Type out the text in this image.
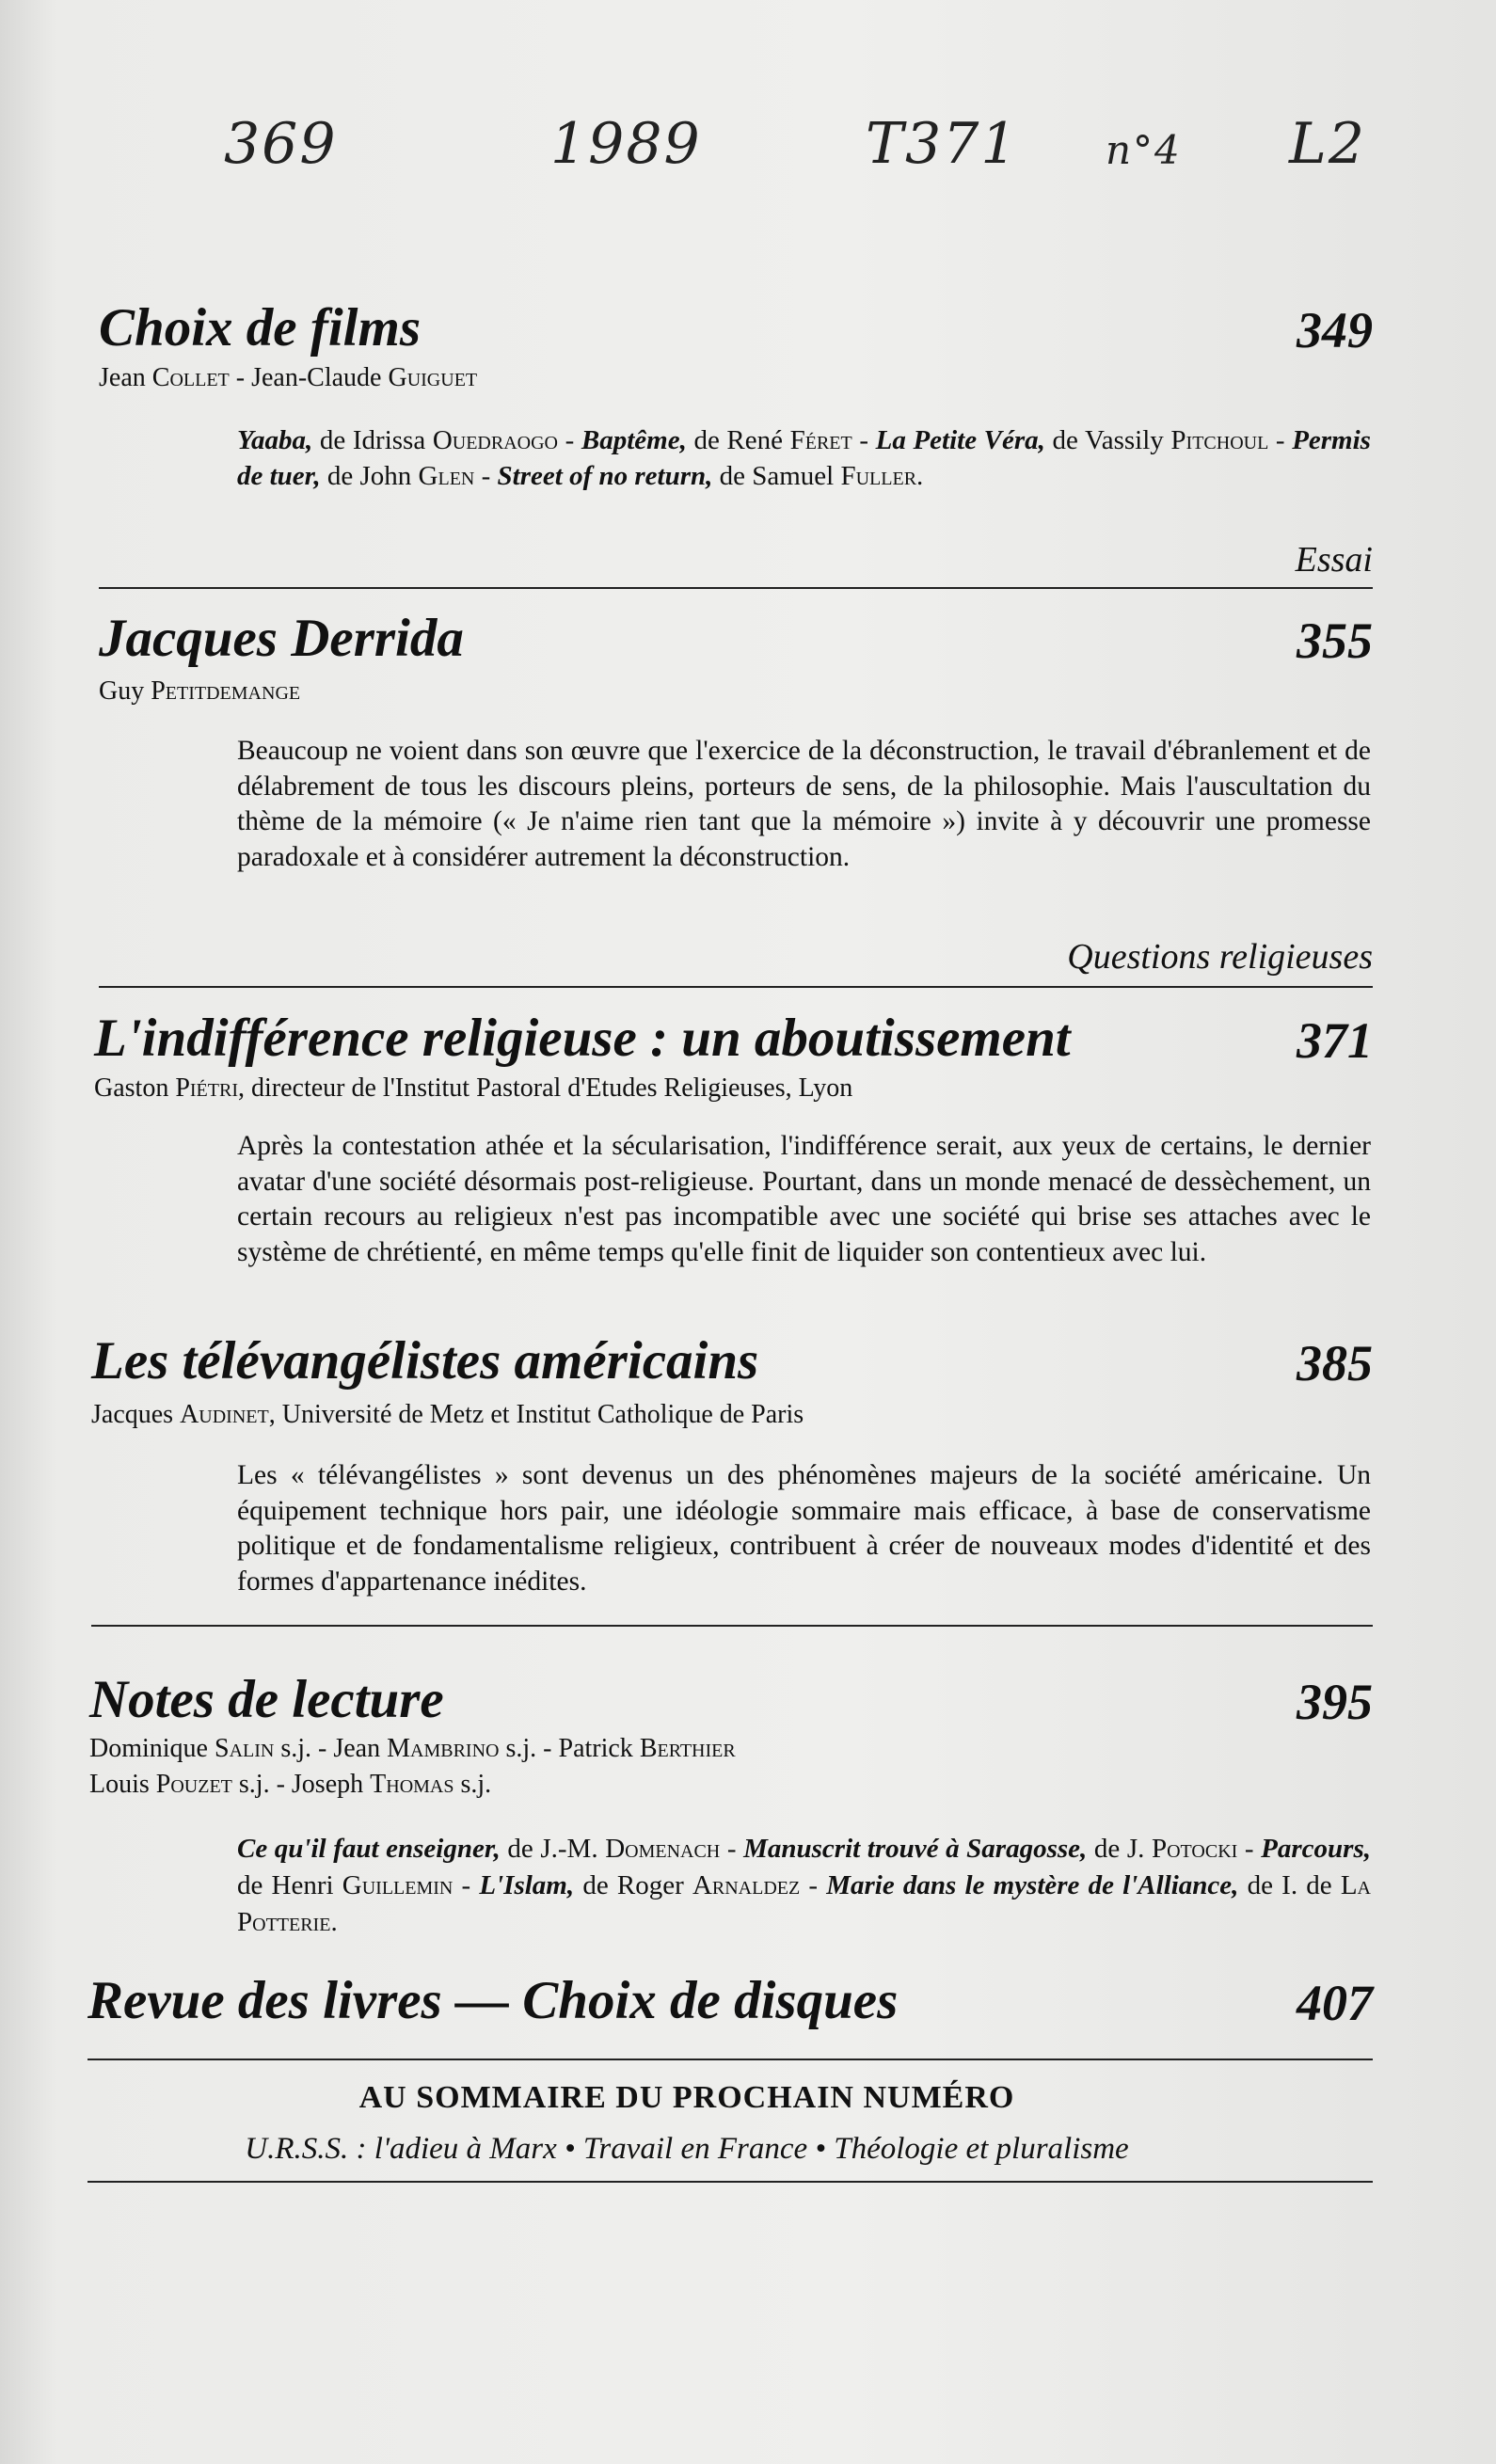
369	1989	T371 n°4 L2
Choix de films	349
Jean Collet - Jean-Claude Guiguet
Yaaba, de Idrissa Ouedraogo - Baptême, de René Féret - La Petite Véra, de Vassily Pitchoul - Permis de tuer, de John Glen - Street of no return, de Samuel Fuller.
Essai
Jacques Derrida	355
Guy Petitdemange
Beaucoup ne voient dans son œuvre que l'exercice de la déconstruction, le travail d'ébranlement et de délabrement de tous les discours pleins, porteurs de sens, de la philosophie. Mais l'auscultation du thème de la mémoire (« Je n'aime rien tant que la mémoire ») invite à y découvrir une promesse paradoxale et à considérer autrement la déconstruction.
Questions religieuses
L'indifférence religieuse : un aboutissement	371
Gaston Piétri, directeur de l'Institut Pastoral d'Etudes Religieuses, Lyon
Après la contestation athée et la sécularisation, l'indifférence serait, aux yeux de certains, le dernier avatar d'une société désormais post-religieuse. Pourtant, dans un monde menacé de dessèchement, un certain recours au religieux n'est pas incompatible avec une société qui brise ses attaches avec le système de chrétienté, en même temps qu'elle finit de liquider son contentieux avec lui.
Les télévangélistes américains	385
Jacques Audinet, Université de Metz et Institut Catholique de Paris
Les « télévangélistes » sont devenus un des phénomènes majeurs de la société américaine. Un équipement technique hors pair, une idéologie sommaire mais efficace, à base de conservatisme politique et de fondamentalisme religieux, contribuent à créer de nouveaux modes d'identité et des formes d'appartenance inédites.
Notes de lecture	395
Dominique Salin s.j. - Jean Mambrino s.j. - Patrick Berthier
Louis Pouzet s.j. - Joseph Thomas s.j.
Ce qu'il faut enseigner, de J.-M. Domenach - Manuscrit trouvé à Saragosse, de J. Potocki - Parcours, de Henri Guillemin - L'Islam, de Roger Arnaldez - Marie dans le mystère de l'Alliance, de I. de La Potterie.
Revue des livres — Choix de disques	407
AU SOMMAIRE DU PROCHAIN NUMÉRO
U.R.S.S. : l'adieu à Marx • Travail en France • Théologie et pluralisme
